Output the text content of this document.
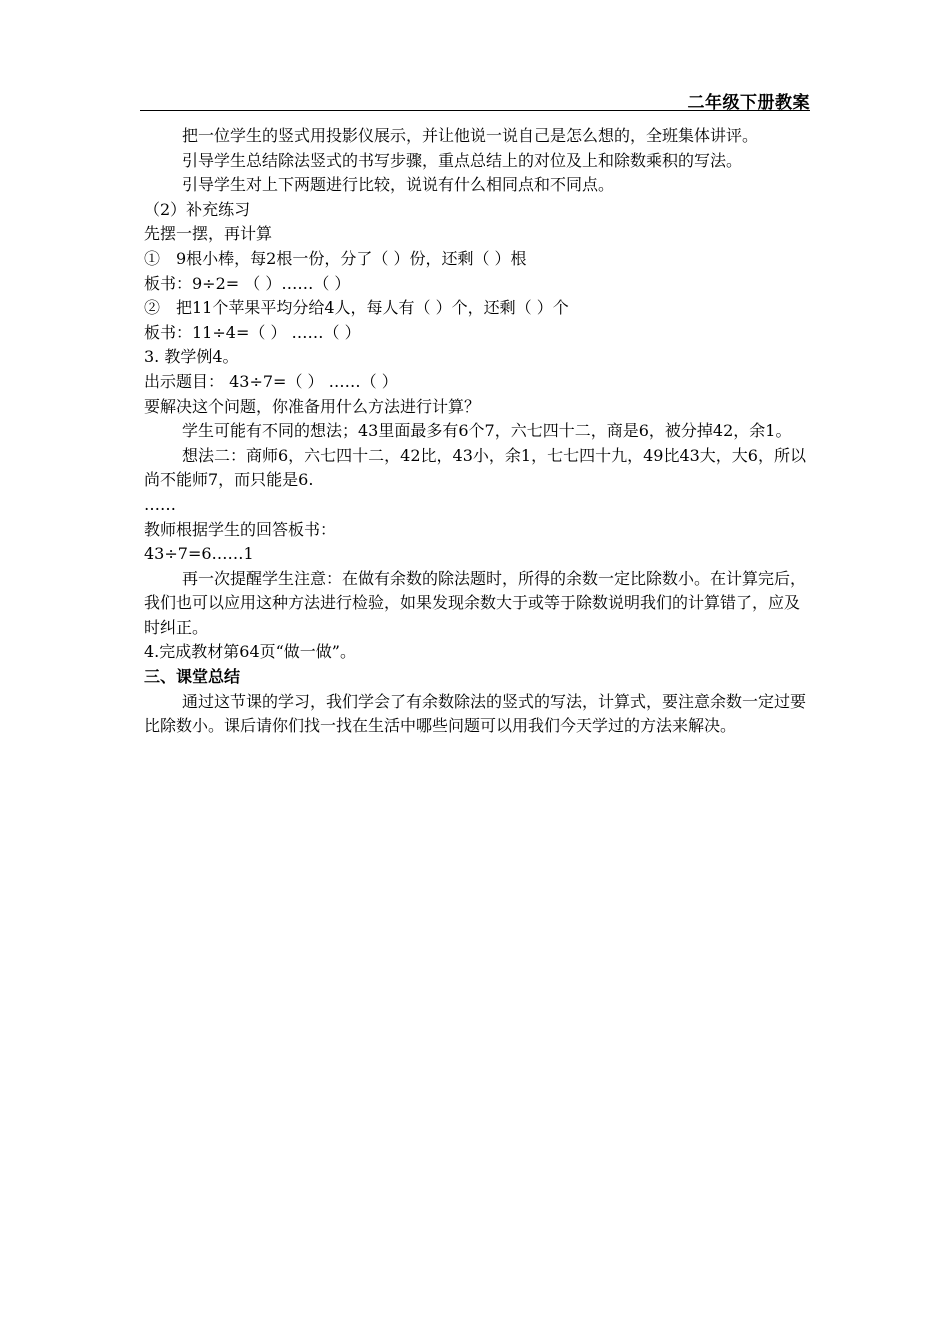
二年级下册教案

把一位学生的竖式用投影仪展示，并让他说一说自己是怎么想的，全班集体讲评。

引导学生总结除法竖式的书写步骤，重点总结上的对位及上和除数乘积的写法。

引导学生对上下两题进行比较，说说有什么相同点和不同点。

（2）补充练习

先摆一摆，再计算

①　9根小棒，每2根一份，分了（ ）份，还剩（ ）根

板书：9÷2= （ ）……（ ）

②　把11个苹果平均分给4人，每人有（ ）个，还剩（ ）个

板书：11÷4=（ ） ……（ ）

3. 教学例4。

出示题目： 43÷7=（ ） ……（ ）

要解决这个问题，你准备用什么方法进行计算？

学生可能有不同的想法；43里面最多有6个7，六七四十二，商是6，被分掉42，余1。

想法二：商师6，六七四十二，42比，43小，余1，七七四十九，49比43大，大6，所以尚不能师7，而只能是6.

……

教师根据学生的回答板书：

43÷7=6……1

再一次提醒学生注意：在做有余数的除法题时，所得的余数一定比除数小。在计算完后，我们也可以应用这种方法进行检验，如果发现余数大于或等于除数说明我们的计算错了，应及时纠正。

4.完成教材第64页“做一做”。

三、课堂总结

通过这节课的学习，我们学会了有余数除法的竖式的写法，计算式，要注意余数一定过要比除数小。课后请你们找一找在生活中哪些问题可以用我们今天学过的方法来解决。
